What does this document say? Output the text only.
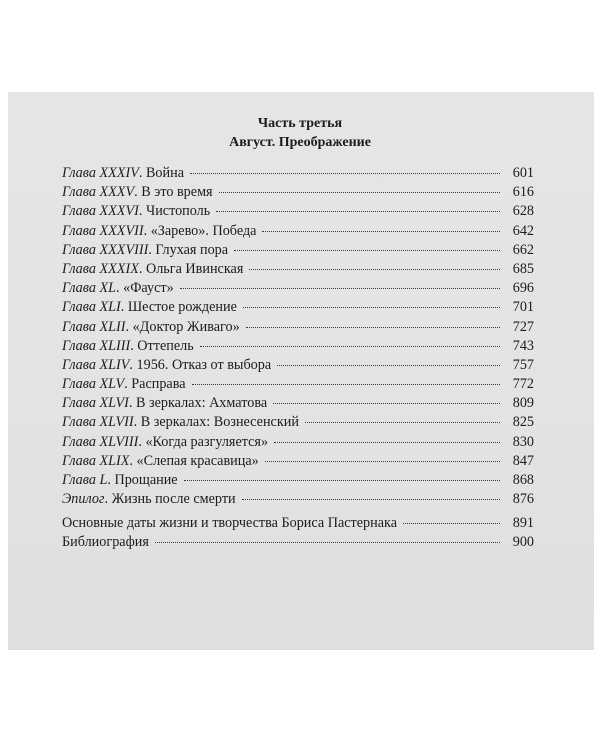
Часть третья
Август. Преображение
Глава XXXIV. Война	601
Глава XXXV. В это время	616
Глава XXXVI. Чистополь	628
Глава XXXVII. «Зарево». Победа	642
Глава XXXVIII. Глухая пора	662
Глава XXXIX. Ольга Ивинская	685
Глава XL. «Фауст»	696
Глава XLI. Шестое рождение	701
Глава XLII. «Доктор Живаго»	727
Глава XLIII. Оттепель	743
Глава XLIV. 1956. Отказ от выбора	757
Глава XLV. Расправа	772
Глава XLVI. В зеркалах: Ахматова	809
Глава XLVII. В зеркалах: Вознесенский	825
Глава XLVIII. «Когда разгуляется»	830
Глава XLIX. «Слепая красавица»	847
Глава L. Прощание	868
Эпилог. Жизнь после смерти	876
Основные даты жизни и творчества Бориса Пастернака	891
Библиография	900
